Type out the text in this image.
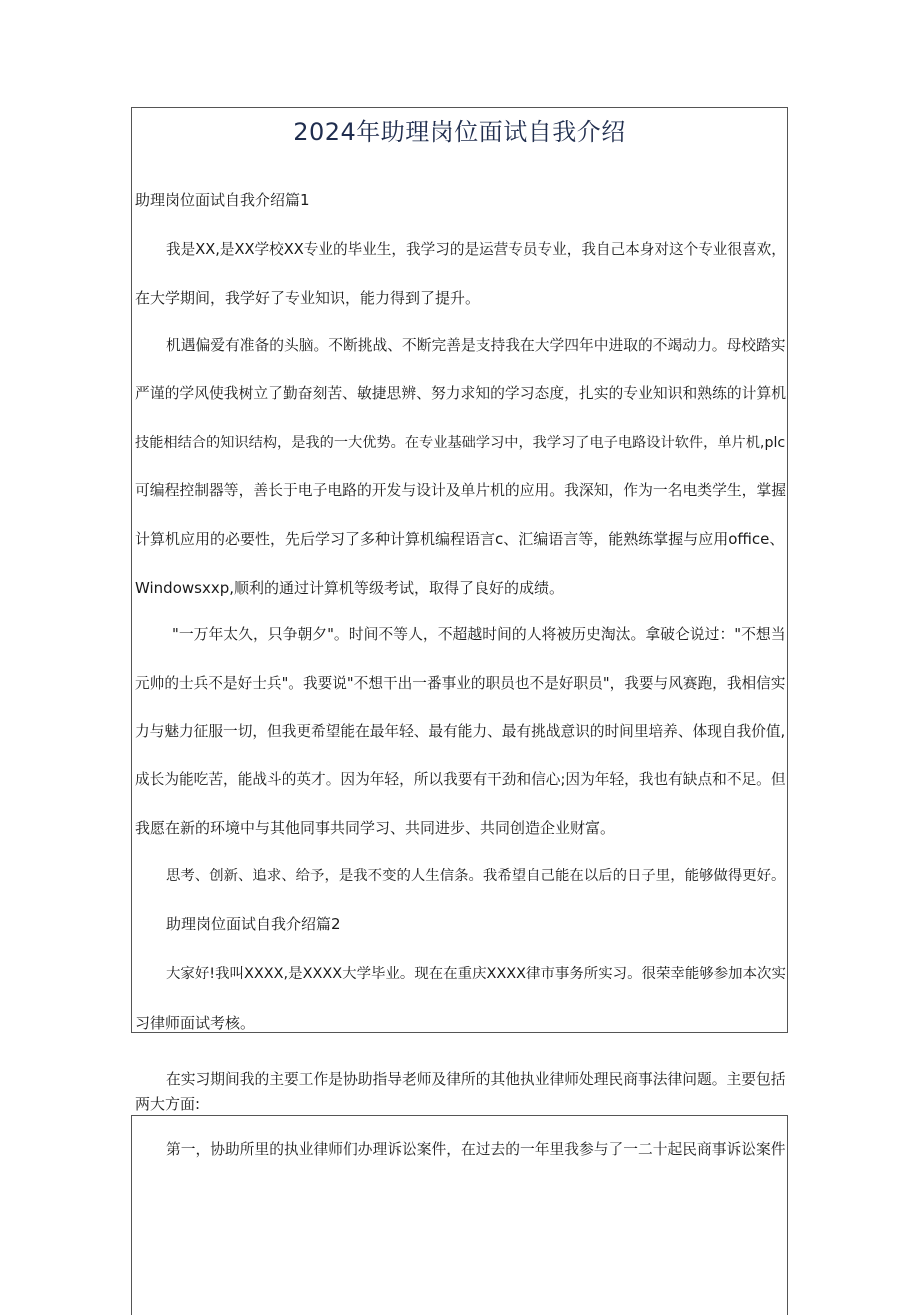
2024年助理岗位面试自我介绍
助理岗位面试自我介绍篇1
我是XX,是XX学校XX专业的毕业生，我学习的是运营专员专业，我自己本身对这个专业很喜欢，
在大学期间，我学好了专业知识，能力得到了提升。
机遇偏爱有准备的头脑。不断挑战、不断完善是支持我在大学四年中进取的不竭动力。母校踏实
严谨的学风使我树立了勤奋刻苦、敏捷思辨、努力求知的学习态度，扎实的专业知识和熟练的计算机
技能相结合的知识结构，是我的一大优势。在专业基础学习中，我学习了电子电路设计软件，单片机,plc
可编程控制器等，善长于电子电路的开发与设计及单片机的应用。我深知，作为一名电类学生，掌握
计算机应用的必要性，先后学习了多种计算机编程语言c、汇编语言等，能熟练掌握与应用office、
Windowsxxp,顺利的通过计算机等级考试，取得了良好的成绩。
"一万年太久，只争朝夕"。时间不等人，不超越时间的人将被历史淘汰。拿破仑说过："不想当
元帅的士兵不是好士兵"。我要说"不想干出一番事业的职员也不是好职员"，我要与风赛跑，我相信实
力与魅力征服一切，但我更希望能在最年轻、最有能力、最有挑战意识的时间里培养、体现自我价值,
成长为能吃苦，能战斗的英才。因为年轻，所以我要有干劲和信心;因为年轻，我也有缺点和不足。但
我愿在新的环境中与其他同事共同学习、共同进步、共同创造企业财富。
思考、创新、追求、给予，是我不变的人生信条。我希望自己能在以后的日子里，能够做得更好。
助理岗位面试自我介绍篇2
大家好!我叫XXXX,是XXXX大学毕业。现在在重庆XXXX律市事务所实习。很荣幸能够参加本次实
习律师面试考核。
在实习期间我的主要工作是协助指导老师及律所的其他执业律师处理民商事法律问题。主要包括
两大方面:
第一，协助所里的执业律师们办理诉讼案件，在过去的一年里我参与了一二十起民商事诉讼案件
